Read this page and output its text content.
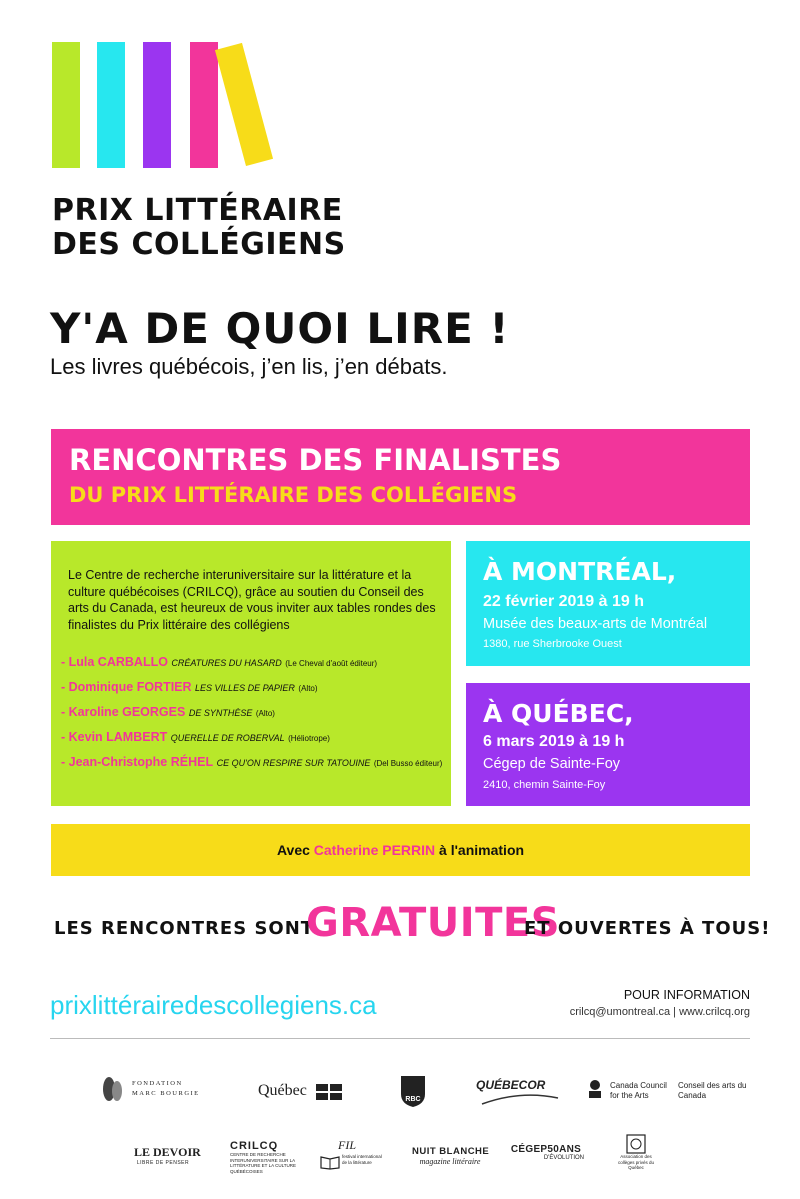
PRIX LITTÉRAIRE
DES COLLÉGIENS
Y'A DE QUOI LIRE !
Les livres québécois, j’en lis, j’en débats.
RENCONTRES DES FINALISTES
DU PRIX LITTÉRAIRE DES COLLÉGIENS
Le Centre de recherche interuniversitaire sur la littérature et la culture québécoises (CRILCQ), grâce au soutien du Conseil des arts du Canada, est heureux de vous inviter aux tables rondes des finalistes du Prix littéraire des collégiens
- Lula CARBALLO CRÉATURES DU HASARD (Le Cheval d'août éditeur)
- Dominique FORTIER LES VILLES DE PAPIER (Alto)
- Karoline GEORGES DE SYNTHÈSE (Alto)
- Kevin LAMBERT QUERELLE DE ROBERVAL (Héliotrope)
- Jean-Christophe RÉHEL CE QU'ON RESPIRE SUR TATOUINE (Del Busso éditeur)
À MONTRÉAL,
22 février 2019 à 19 h
Musée des beaux-arts de Montréal
1380, rue Sherbrooke Ouest
À QUÉBEC,
6 mars 2019 à 19 h
Cégep de Sainte-Foy
2410, chemin Sainte-Foy
Avec Catherine PERRIN à l'animation
LES RENCONTRES SONT
GRATUITES
ET OUVERTES À TOUS!
prixlittérairedescollegiens.ca	POUR INFORMATION
crilcq@umontreal.ca | www.crilcq.org
FONDATION MARC BOURGIE	Québec
RBC
QUÉBECOR	Canada Council for the Arts
Conseil des arts du Canada
LE DEVOIR
LIBRE DE PENSER
CRILCQ
CENTRE DE RECHERCHE INTERUNIVERSITAIRE SUR LA LITTÉRATURE ET LA CULTURE QUÉBÉCOISES
FIL
festival international de la littérature
NUIT BLANCHE
magazine littéraire
CÉGEP50ANS
D'ÉVOLUTION	Association des collèges privés du Québec
